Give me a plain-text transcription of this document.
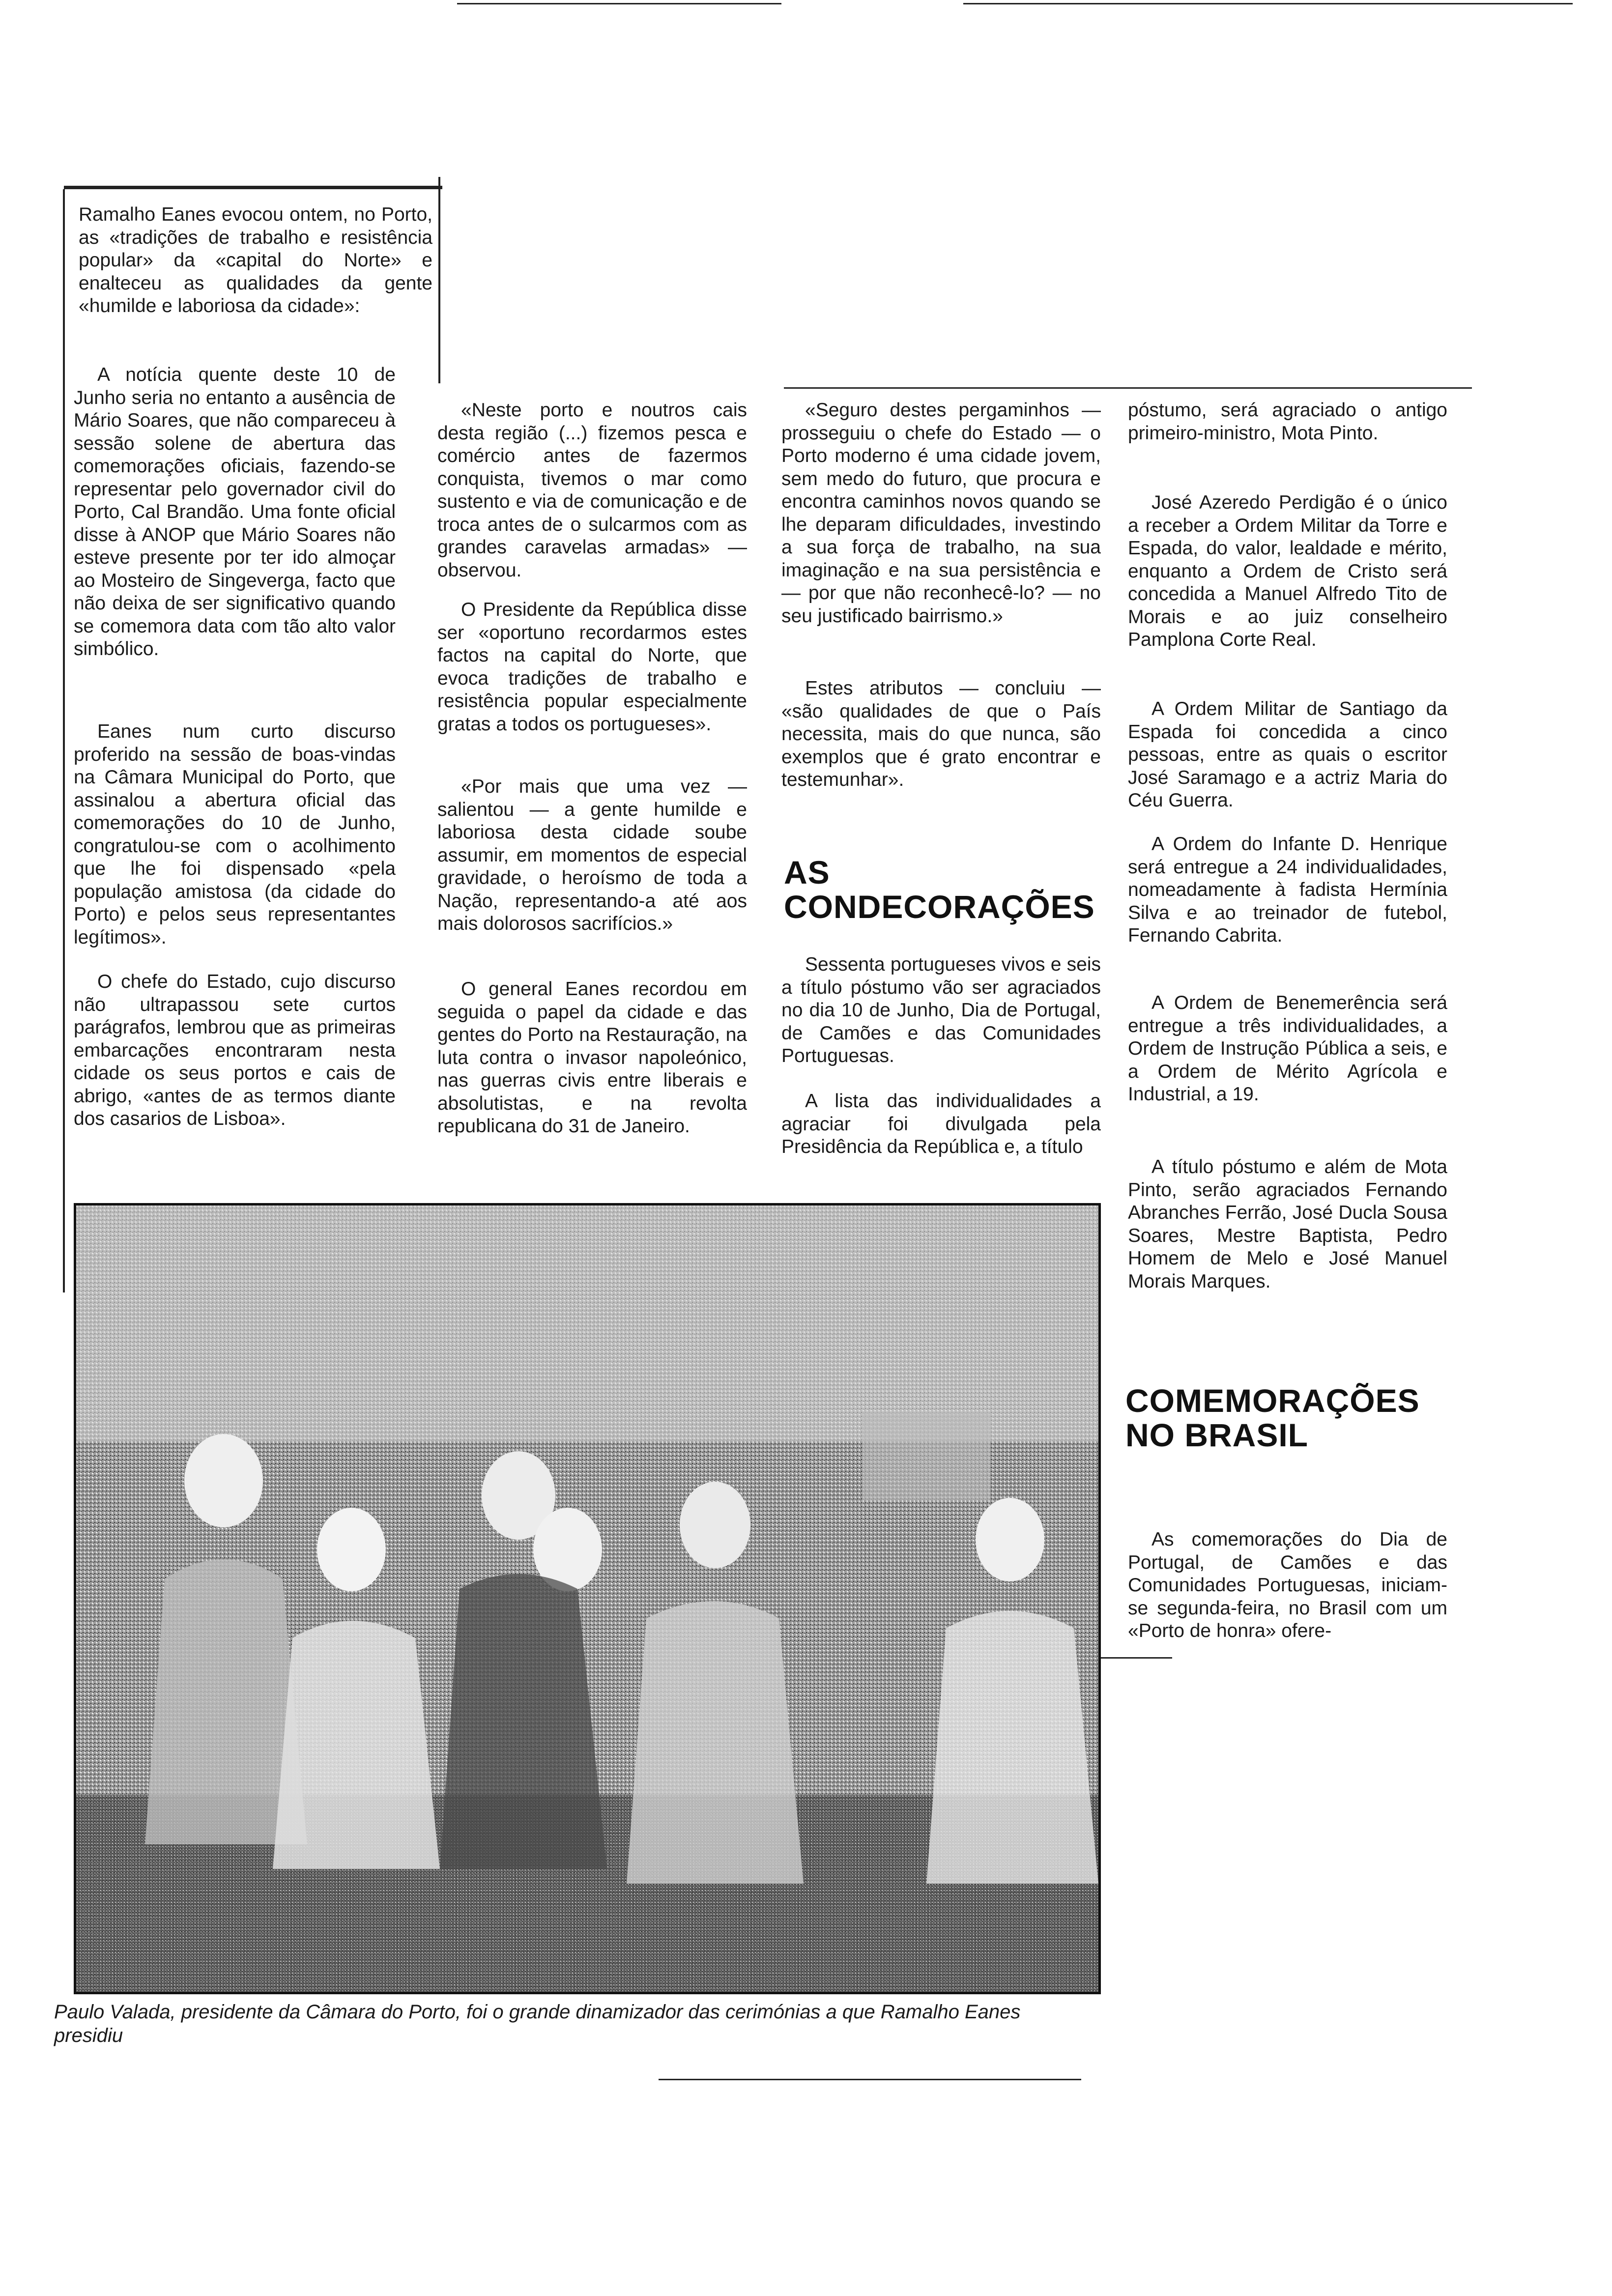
Ramalho Eanes evocou ontem, no Porto, as «tradições de trabalho e resistência popular» da «capital do Norte» e enalteceu as qualidades da gente «humilde e laboriosa da cidade»:

A notícia quente deste 10 de Junho seria no entanto a ausência de Mário Soares, que não compareceu à sessão solene de abertura das comemorações oficiais, fazendo-se representar pelo governador civil do Porto, Cal Brandão. Uma fonte oficial disse à ANOP que Mário Soares não esteve presente por ter ido almoçar ao Mosteiro de Singeverga, facto que não deixa de ser significativo quando se comemora data com tão alto valor simbólico.

Eanes num curto discurso proferido na sessão de boas-vindas na Câmara Municipal do Porto, que assinalou a abertura oficial das comemorações do 10 de Junho, congratulou-se com o acolhimento que lhe foi dispensado «pela população amistosa (da cidade do Porto) e pelos seus representantes legítimos».

O chefe do Estado, cujo discurso não ultrapassou sete curtos parágrafos, lembrou que as primeiras embarcações encontraram nesta cidade os seus portos e cais de abrigo, «antes de as termos diante dos casarios de Lisboa».

«Neste porto e noutros cais desta região (...) fizemos pesca e comércio antes de fazermos conquista, tivemos o mar como sustento e via de comunicação e de troca antes de o sulcarmos com as grandes caravelas armadas» — observou.

O Presidente da República disse ser «oportuno recordarmos estes factos na capital do Norte, que evoca tradições de trabalho e resistência popular especialmente gratas a todos os portugueses».

«Por mais que uma vez — salientou — a gente humilde e laboriosa desta cidade soube assumir, em momentos de especial gravidade, o heroísmo de toda a Nação, representando-a até aos mais dolorosos sacrifícios.»

O general Eanes recordou em seguida o papel da cidade e das gentes do Porto na Restauração, na luta contra o invasor napoleónico, nas guerras civis entre liberais e absolutistas, e na revolta republicana do 31 de Janeiro.

«Seguro destes pergaminhos — prosseguiu o chefe do Estado — o Porto moderno é uma cidade jovem, sem medo do futuro, que procura e encontra caminhos novos quando se lhe deparam dificuldades, investindo a sua força de trabalho, na sua imaginação e na sua persistência e — por que não reconhecê-lo? — no seu justificado bairrismo.»

Estes atributos — concluiu — «são qualidades de que o País necessita, mais do que nunca, são exemplos que é grato encontrar e testemunhar».

AS
CONDECORAÇÕES

Sessenta portugueses vivos e seis a título póstumo vão ser agraciados no dia 10 de Junho, Dia de Portugal, de Camões e das Comunidades Portuguesas.

A lista das individualidades a agraciar foi divulgada pela Presidência da República e, a título

póstumo, será agraciado o antigo primeiro-ministro, Mota Pinto.

José Azeredo Perdigão é o único a receber a Ordem Militar da Torre e Espada, do valor, lealdade e mérito, enquanto a Ordem de Cristo será concedida a Manuel Alfredo Tito de Morais e ao juiz conselheiro Pamplona Corte Real.

A Ordem Militar de Santiago da Espada foi concedida a cinco pessoas, entre as quais o escritor José Saramago e a actriz Maria do Céu Guerra.

A Ordem do Infante D. Henrique será entregue a 24 individualidades, nomeadamente à fadista Hermínia Silva e ao treinador de futebol, Fernando Cabrita.

A Ordem de Benemerência será entregue a três individualidades, a Ordem de Instrução Pública a seis, e a Ordem de Mérito Agrícola e Industrial, a 19.

A título póstumo e além de Mota Pinto, serão agraciados Fernando Abranches Ferrão, José Ducla Sousa Soares, Mestre Baptista, Pedro Homem de Melo e José Manuel Morais Marques.

COMEMORAÇÕES
NO BRASIL

As comemorações do Dia de Portugal, de Camões e das Comunidades Portuguesas, iniciam-se segunda-feira, no Brasil com um «Porto de honra» ofere-

Paulo Valada, presidente da Câmara do Porto, foi o grande dinamizador das cerimónias a que Ramalho Eanes presidiu
